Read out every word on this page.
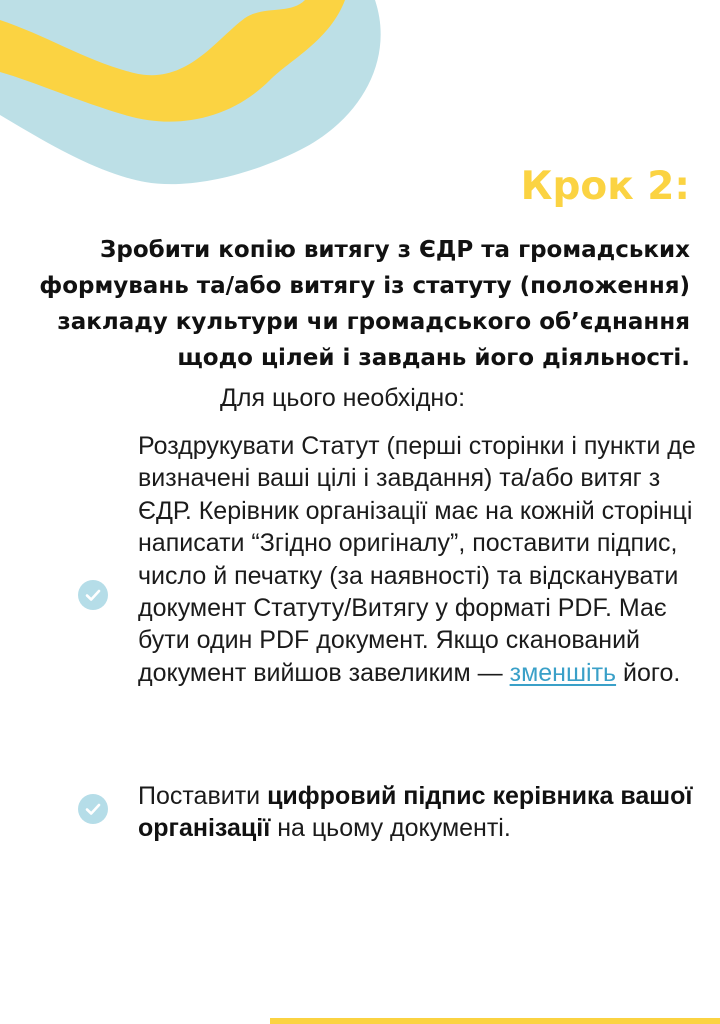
Крок 2:
Зробити копію витягу з ЄДР та громадських
формувань та/або витягу із статуту (положення)
закладу культури чи громадського об’єднання
щодо цілей і завдань його діяльності.

Для цього необхідно:

Роздрукувати Статут (перші сторінки і пункти де визначені ваші цілі і завдання) та/або витяг з ЄДР. Керівник організації має на кожній сторінці написати “Згідно оригіналу”, поставити підпис, число й печатку (за наявності) та відсканувати документ Статуту/Витягу у форматі PDF. Має бути один PDF документ. Якщо сканований документ вийшов завеликим — зменшіть його.

Поставити цифровий підпис керівника вашої організації на цьому документі.
